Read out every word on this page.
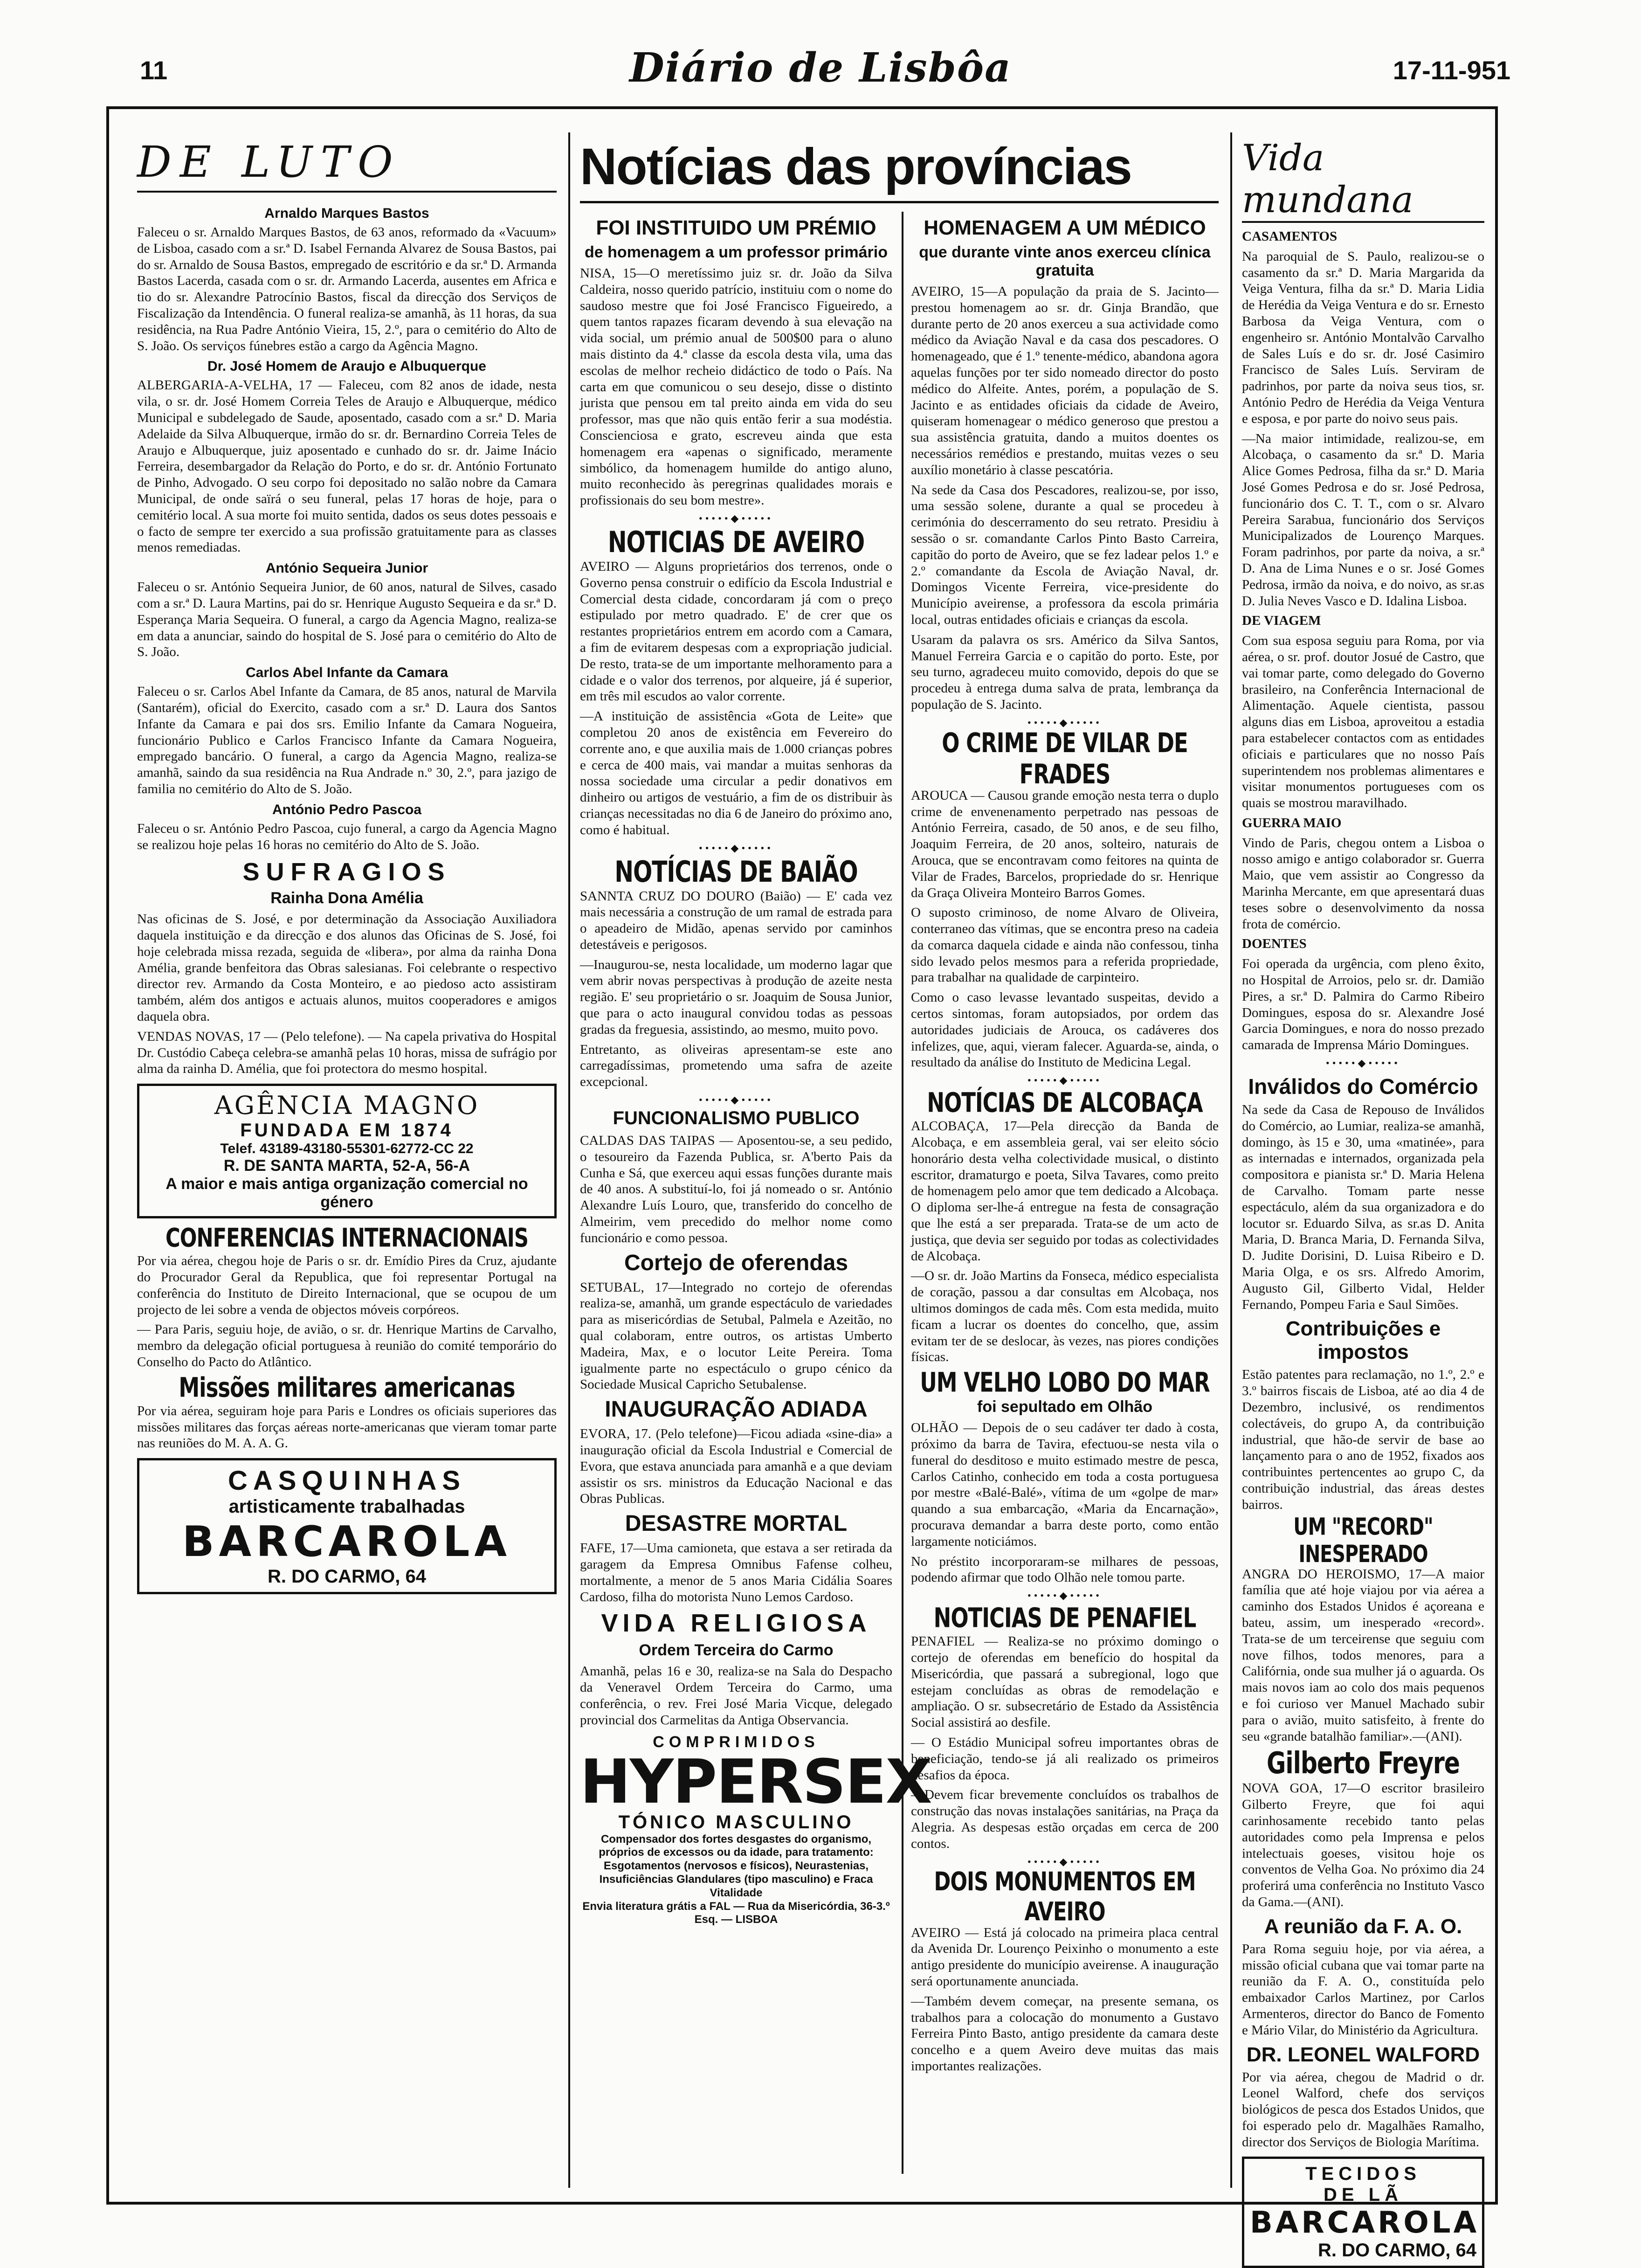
11	Diário de Lisbôa	17-11-951
DE LUTO
Arnaldo Marques Bastos

Faleceu o sr. Arnaldo Marques Bastos, de 63 anos, reformado da «Vacuum» de Lisboa, casado com a sr.ª D. Isabel Fernanda Alvarez de Sousa Bastos, pai do sr. Arnaldo de Sousa Bastos, empregado de escritório e da sr.ª D. Armanda Bastos Lacerda, casada com o sr. dr. Armando Lacerda, ausentes em Africa e tio do sr. Alexandre Patrocínio Bastos, fiscal da direcção dos Serviços de Fiscalização da Intendência. O funeral realiza-se amanhã, às 11 horas, da sua residência, na Rua Padre António Vieira, 15, 2.º, para o cemitério do Alto de S. João. Os serviços fúnebres estão a cargo da Agência Magno.

Dr. José Homem de Araujo e Albuquerque

ALBERGARIA-A-VELHA, 17 — Faleceu, com 82 anos de idade, nesta vila, o sr. dr. José Homem Correia Teles de Araujo e Albuquerque, médico Municipal e subdelegado de Saude, aposentado, casado com a sr.ª D. Maria Adelaide da Silva Albuquerque, irmão do sr. dr. Bernardino Correia Teles de Araujo e Albuquerque, juiz aposentado e cunhado do sr. dr. Jaime Inácio Ferreira, desembargador da Relação do Porto, e do sr. dr. António Fortunato de Pinho, Advogado. O seu corpo foi depositado no salão nobre da Camara Municipal, de onde saïrá o seu funeral, pelas 17 horas de hoje, para o cemitério local. A sua morte foi muito sentida, dados os seus dotes pessoais e o facto de sempre ter exercido a sua profissão gratuitamente para as classes menos remediadas.

António Sequeira Junior

Faleceu o sr. António Sequeira Junior, de 60 anos, natural de Silves, casado com a sr.ª D. Laura Martins, pai do sr. Henrique Augusto Sequeira e da sr.ª D. Esperança Maria Sequeira. O funeral, a cargo da Agencia Magno, realiza-se em data a anunciar, saindo do hospital de S. José para o cemitério do Alto de S. João.

Carlos Abel Infante da Camara

Faleceu o sr. Carlos Abel Infante da Camara, de 85 anos, natural de Marvila (Santarém), oficial do Exercito, casado com a sr.ª D. Laura dos Santos Infante da Camara e pai dos srs. Emilio Infante da Camara Nogueira, funcionário Publico e Carlos Francisco Infante da Camara Nogueira, empregado bancário. O funeral, a cargo da Agencia Magno, realiza-se amanhã, saindo da sua residência na Rua Andrade n.º 30, 2.º, para jazigo de familia no cemitério do Alto de S. João.

António Pedro Pascoa

Faleceu o sr. António Pedro Pascoa, cujo funeral, a cargo da Agencia Magno se realizou hoje pelas 16 horas no cemitério do Alto de S. João.

SUFRAGIOS
Rainha Dona Amélia

Nas oficinas de S. José, e por determinação da Associação Auxiliadora daquela instituição e da direcção e dos alunos das Oficinas de S. José, foi hoje celebrada missa rezada, seguida de «libera», por alma da rainha Dona Amélia, grande benfeitora das Obras salesianas. Foi celebrante o respectivo director rev. Armando da Costa Monteiro, e ao piedoso acto assistiram também, além dos antigos e actuais alunos, muitos cooperadores e amigos daquela obra.

VENDAS NOVAS, 17 — (Pelo telefone). — Na capela privativa do Hospital Dr. Custódio Cabeça celebra-se amanhã pelas 10 horas, missa de sufrágio por alma da rainha D. Amélia, que foi protectora do mesmo hospital.

AGÊNCIA MAGNO
FUNDADA EM 1874
Telef. 43189-43180-55301-62772-CC 22
R. DE SANTA MARTA, 52-A, 56-A
A maior e mais antiga organização comercial no género
CONFERENCIAS INTERNACIONAIS

Por via aérea, chegou hoje de Paris o sr. dr. Emídio Pires da Cruz, ajudante do Procurador Geral da Republica, que foi representar Portugal na conferência do Instituto de Direito Internacional, que se ocupou de um projecto de lei sobre a venda de objectos móveis corpóreos.

— Para Paris, seguiu hoje, de avião, o sr. dr. Henrique Martins de Carvalho, membro da delegação oficial portuguesa à reunião do comité temporário do Conselho do Pacto do Atlântico.

Missões militares americanas

Por via aérea, seguiram hoje para Paris e Londres os oficiais superiores das missões militares das forças aéreas norte-americanas que vieram tomar parte nas reuniões do M. A. A. G.

CASQUINHAS
artisticamente trabalhadas
BARCAROLA
R. DO CARMO, 64
Notícias das províncias
FOI INSTITUIDO UM PRÉMIO
de homenagem a um professor primário

NISA, 15—O meretíssimo juiz sr. dr. João da Silva Caldeira, nosso querido patrício, instituiu com o nome do saudoso mestre que foi José Francisco Figueiredo, a quem tantos rapazes ficaram devendo à sua elevação na vida social, um prémio anual de 500$00 para o aluno mais distinto da 4.ª classe da escola desta vila, uma das escolas de melhor recheio didáctico de todo o País. Na carta em que comunicou o seu desejo, disse o distinto jurista que pensou em tal preito ainda em vida do seu professor, mas que não quis então ferir a sua modéstia. Conscienciosa e grato, escreveu ainda que esta homenagem era «apenas o significado, meramente simbólico, da homenagem humilde do antigo aluno, muito reconhecido às peregrinas qualidades morais e profissionais do seu bom mestre».

•••••◆•••••
NOTICIAS DE AVEIRO

AVEIRO — Alguns proprietários dos terrenos, onde o Governo pensa construir o edifício da Escola Industrial e Comercial desta cidade, concordaram já com o preço estipulado por metro quadrado. E' de crer que os restantes proprietários entrem em acordo com a Camara, a fim de evitarem despesas com a expropriação judicial. De resto, trata-se de um importante melhoramento para a cidade e o valor dos terrenos, por alqueire, já é superior, em três mil escudos ao valor corrente.

—A instituição de assistência «Gota de Leite» que completou 20 anos de existência em Fevereiro do corrente ano, e que auxilia mais de 1.000 crianças pobres e cerca de 400 mais, vai mandar a muitas senhoras da nossa sociedade uma circular a pedir donativos em dinheiro ou artigos de vestuário, a fim de os distribuir às crianças necessitadas no dia 6 de Janeiro do próximo ano, como é habitual.

•••••◆•••••
NOTÍCIAS DE BAIÃO

SANNTA CRUZ DO DOURO (Baião) — E' cada vez mais necessária a construção de um ramal de estrada para o apeadeiro de Midão, apenas servido por caminhos detestáveis e perigosos.

—Inaugurou-se, nesta localidade, um moderno lagar que vem abrir novas perspectivas à produção de azeite nesta região. E' seu proprietário o sr. Joaquim de Sousa Junior, que para o acto inaugural convidou todas as pessoas gradas da freguesia, assistindo, ao mesmo, muito povo.

Entretanto, as oliveiras apresentam-se este ano carregadíssimas, prometendo uma safra de azeite excepcional.

•••••◆•••••
FUNCIONALISMO PUBLICO

CALDAS DAS TAIPAS — Aposentou-se, a seu pedido, o tesoureiro da Fazenda Publica, sr. A'berto Pais da Cunha e Sá, que exerceu aqui essas funções durante mais de 40 anos. A substituí-lo, foi já nomeado o sr. António Alexandre Luís Louro, que, transferido do concelho de Almeirim, vem precedido do melhor nome como funcionário e como pessoa.

Cortejo de oferendas

SETUBAL, 17—Integrado no cortejo de oferendas realiza-se, amanhã, um grande espectáculo de variedades para as misericórdias de Setubal, Palmela e Azeitão, no qual colaboram, entre outros, os artistas Umberto Madeira, Max, e o locutor Leite Pereira. Toma igualmente parte no espectáculo o grupo cénico da Sociedade Musical Capricho Setubalense.

INAUGURAÇÃO ADIADA

EVORA, 17. (Pelo telefone)—Ficou adiada «sine-dia» a inauguração oficial da Escola Industrial e Comercial de Evora, que estava anunciada para amanhã e a que deviam assistir os srs. ministros da Educação Nacional e das Obras Publicas.

DESASTRE MORTAL

FAFE, 17—Uma camioneta, que estava a ser retirada da garagem da Empresa Omnibus Fafense colheu, mortalmente, a menor de 5 anos Maria Cidália Soares Cardoso, filha do motorista Nuno Lemos Cardoso.

VIDA RELIGIOSA
Ordem Terceira do Carmo

Amanhã, pelas 16 e 30, realiza-se na Sala do Despacho da Veneravel Ordem Terceira do Carmo, uma conferência, o rev. Frei José Maria Vicque, delegado provincial dos Carmelitas da Antiga Observancia.

COMPRIMIDOS
HYPERSEX
TÓNICO MASCULINO
Compensador dos fortes desgastes do organismo, próprios de excessos ou da idade, para tratamento: Esgotamentos (nervosos e físicos), Neurastenias, Insuficiências Glandulares (tipo masculino) e Fraca Vitalidade
Envia literatura grátis a FAL — Rua da Misericórdia, 36-3.º Esq. — LISBOA
HOMENAGEM A UM MÉDICO
que durante vinte anos exerceu clínica gratuita

AVEIRO, 15—A população da praia de S. Jacinto—prestou homenagem ao sr. dr. Ginja Brandão, que durante perto de 20 anos exerceu a sua actividade como médico da Aviação Naval e da casa dos pescadores. O homenageado, que é 1.º tenente-médico, abandona agora aquelas funções por ter sido nomeado director do posto médico do Alfeite. Antes, porém, a população de S. Jacinto e as entidades oficiais da cidade de Aveiro, quiseram homenagear o médico generoso que prestou a sua assistência gratuita, dando a muitos doentes os necessários remédios e prestando, muitas vezes o seu auxílio monetário à classe pescatória.

Na sede da Casa dos Pescadores, realizou-se, por isso, uma sessão solene, durante a qual se procedeu à cerimónia do descerramento do seu retrato. Presidiu à sessão o sr. comandante Carlos Pinto Basto Carreira, capitão do porto de Aveiro, que se fez ladear pelos 1.º e 2.º comandante da Escola de Aviação Naval, dr. Domingos Vicente Ferreira, vice-presidente do Município aveirense, a professora da escola primária local, outras entidades oficiais e crianças da escola.

Usaram da palavra os srs. Américo da Silva Santos, Manuel Ferreira Garcia e o capitão do porto. Este, por seu turno, agradeceu muito comovido, depois do que se procedeu à entrega duma salva de prata, lembrança da população de S. Jacinto.

•••••◆•••••
O CRIME DE VILAR DE FRADES

AROUCA — Causou grande emoção nesta terra o duplo crime de envenenamento perpetrado nas pessoas de António Ferreira, casado, de 50 anos, e de seu filho, Joaquim Ferreira, de 20 anos, solteiro, naturais de Arouca, que se encontravam como feitores na quinta de Vilar de Frades, Barcelos, propriedade do sr. Henrique da Graça Oliveira Monteiro Barros Gomes.

O suposto criminoso, de nome Alvaro de Oliveira, conterraneo das vítimas, que se encontra preso na cadeia da comarca daquela cidade e ainda não confessou, tinha sido levado pelos mesmos para a referida propriedade, para trabalhar na qualidade de carpinteiro.

Como o caso levasse levantado suspeitas, devido a certos sintomas, foram autopsiados, por ordem das autoridades judiciais de Arouca, os cadáveres dos infelizes, que, aqui, vieram falecer. Aguarda-se, ainda, o resultado da análise do Instituto de Medicina Legal.

•••••◆•••••
NOTÍCIAS DE ALCOBAÇA

ALCOBAÇA, 17—Pela direcção da Banda de Alcobaça, e em assembleia geral, vai ser eleito sócio honorário desta velha colectividade musical, o distinto escritor, dramaturgo e poeta, Silva Tavares, como preito de homenagem pelo amor que tem dedicado a Alcobaça. O diploma ser-lhe-á entregue na festa de consagração que lhe está a ser preparada. Trata-se de um acto de justiça, que devia ser seguido por todas as colectividades de Alcobaça.

—O sr. dr. João Martins da Fonseca, médico especialista de coração, passou a dar consultas em Alcobaça, nos ultimos domingos de cada mês. Com esta medida, muito ficam a lucrar os doentes do concelho, que, assim evitam ter de se deslocar, às vezes, nas piores condições físicas.

UM VELHO LOBO DO MAR
foi sepultado em Olhão

OLHÃO — Depois de o seu cadáver ter dado à costa, próximo da barra de Tavira, efectuou-se nesta vila o funeral do desditoso e muito estimado mestre de pesca, Carlos Catinho, conhecido em toda a costa portuguesa por mestre «Balé-Balé», vítima de um «golpe de mar» quando a sua embarcação, «Maria da Encarnação», procurava demandar a barra deste porto, como então largamente noticiámos.

No préstito incorporaram-se milhares de pessoas, podendo afirmar que todo Olhão nele tomou parte.

•••••◆•••••
NOTICIAS DE PENAFIEL

PENAFIEL — Realiza-se no próximo domingo o cortejo de oferendas em benefício do hospital da Misericórdia, que passará a subregional, logo que estejam concluídas as obras de remodelação e ampliação. O sr. subsecretário de Estado da Assistência Social assistirá ao desfile.

— O Estádio Municipal sofreu importantes obras de beneficiação, tendo-se já ali realizado os primeiros desafios da época.

—Devem ficar brevemente concluídos os trabalhos de construção das novas instalações sanitárias, na Praça da Alegria. As despesas estão orçadas em cerca de 200 contos.

•••••◆•••••
DOIS MONUMENTOS EM AVEIRO

AVEIRO — Está já colocado na primeira placa central da Avenida Dr. Lourenço Peixinho o monumento a este antigo presidente do município aveirense. A inauguração será oportunamente anunciada.

—Também devem começar, na presente semana, os trabalhos para a colocação do monumento a Gustavo Ferreira Pinto Basto, antigo presidente da camara deste concelho e a quem Aveiro deve muitas das mais importantes realizações.

Vida mundana

CASAMENTOS

Na paroquial de S. Paulo, realizou-se o casamento da sr.ª D. Maria Margarida da Veiga Ventura, filha da sr.ª D. Maria Lidia de Herédia da Veiga Ventura e do sr. Ernesto Barbosa da Veiga Ventura, com o engenheiro sr. António Montalvão Carvalho de Sales Luís e do sr. dr. José Casimiro Francisco de Sales Luís. Serviram de padrinhos, por parte da noiva seus tios, sr. António Pedro de Herédia da Veiga Ventura e esposa, e por parte do noivo seus pais.

—Na maior intimidade, realizou-se, em Alcobaça, o casamento da sr.ª D. Maria Alice Gomes Pedrosa, filha da sr.ª D. Maria José Gomes Pedrosa e do sr. José Pedrosa, funcionário dos C. T. T., com o sr. Alvaro Pereira Sarabua, funcionário dos Serviços Municipalizados de Lourenço Marques. Foram padrinhos, por parte da noiva, a sr.ª D. Ana de Lima Nunes e o sr. José Gomes Pedrosa, irmão da noiva, e do noivo, as sr.as D. Julia Neves Vasco e D. Idalina Lisboa.

DE VIAGEM

Com sua esposa seguiu para Roma, por via aérea, o sr. prof. doutor Josué de Castro, que vai tomar parte, como delegado do Governo brasileiro, na Conferência Internacional de Alimentação. Aquele cientista, passou alguns dias em Lisboa, aproveitou a estadia para estabelecer contactos com as entidades oficiais e particulares que no nosso País superintendem nos problemas alimentares e visitar monumentos portugueses com os quais se mostrou maravilhado.

GUERRA MAIO

Vindo de Paris, chegou ontem a Lisboa o nosso amigo e antigo colaborador sr. Guerra Maio, que vem assistir ao Congresso da Marinha Mercante, em que apresentará duas teses sobre o desenvolvimento da nossa frota de comércio.

DOENTES

Foi operada da urgência, com pleno êxito, no Hospital de Arroios, pelo sr. dr. Damião Pires, a sr.ª D. Palmira do Carmo Ribeiro Domingues, esposa do sr. Alexandre José Garcia Domingues, e nora do nosso prezado camarada de Imprensa Mário Domingues.

•••••◆•••••
Inválidos do Comércio

Na sede da Casa de Repouso de Inválidos do Comércio, ao Lumiar, realiza-se amanhã, domingo, às 15 e 30, uma «matinée», para as internadas e internados, organizada pela compositora e pianista sr.ª D. Maria Helena de Carvalho. Tomam parte nesse espectáculo, além da sua organizadora e do locutor sr. Eduardo Silva, as sr.as D. Anita Maria, D. Branca Maria, D. Fernanda Silva, D. Judite Dorisini, D. Luisa Ribeiro e D. Maria Olga, e os srs. Alfredo Amorim, Augusto Gil, Gilberto Vidal, Helder Fernando, Pompeu Faria e Saul Simões.

Contribuições e impostos

Estão patentes para reclamação, no 1.º, 2.º e 3.º bairros fiscais de Lisboa, até ao dia 4 de Dezembro, inclusivé, os rendimentos colectáveis, do grupo A, da contribuição industrial, que hão-de servir de base ao lançamento para o ano de 1952, fixados aos contribuintes pertencentes ao grupo C, da contribuição industrial, das áreas destes bairros.

UM "RECORD" INESPERADO

ANGRA DO HEROISMO, 17—A maior família que até hoje viajou por via aérea a caminho dos Estados Unidos é açoreana e bateu, assim, um inesperado «record». Trata-se de um terceirense que seguiu com nove filhos, todos menores, para a Califórnia, onde sua mulher já o aguarda. Os mais novos iam ao colo dos mais pequenos e foi curioso ver Manuel Machado subir para o avião, muito satisfeito, à frente do seu «grande batalhão familiar».—(ANI).

Gilberto Freyre

NOVA GOA, 17—O escritor brasileiro Gilberto Freyre, que foi aqui carinhosamente recebido tanto pelas autoridades como pela Imprensa e pelos intelectuais goeses, visitou hoje os conventos de Velha Goa. No próximo dia 24 proferirá uma conferência no Instituto Vasco da Gama.—(ANI).

A reunião da F. A. O.

Para Roma seguiu hoje, por via aérea, a missão oficial cubana que vai tomar parte na reunião da F. A. O., constituída pelo embaixador Carlos Martinez, por Carlos Armenteros, director do Banco de Fomento e Mário Vilar, do Ministério da Agricultura.

DR. LEONEL WALFORD

Por via aérea, chegou de Madrid o dr. Leonel Walford, chefe dos serviços biológicos de pesca dos Estados Unidos, que foi esperado pelo dr. Magalhães Ramalho, director dos Serviços de Biologia Marítima.

TECIDOS
DE LÃ
BARCAROLA
R. DO CARMO, 64
